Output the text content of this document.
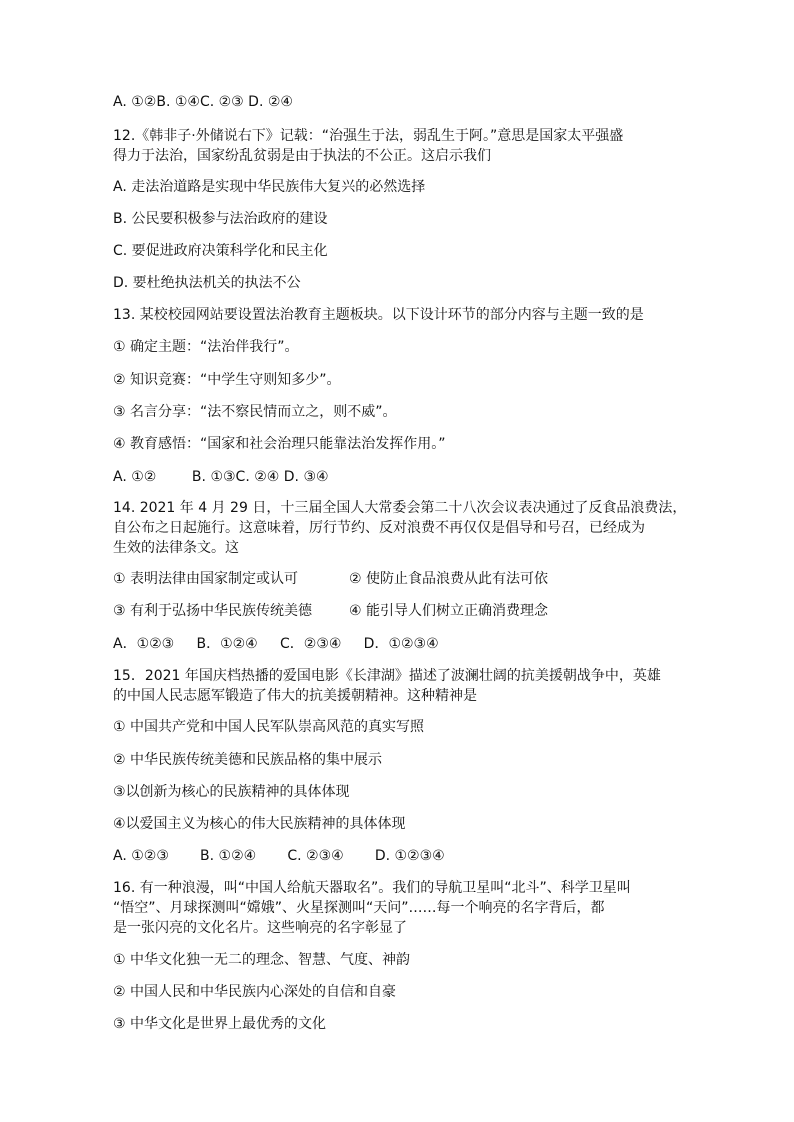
A. ①②B. ①④C. ②③ D. ②④
12.《韩非子·外储说右下》记载：“治强生于法，弱乱生于阿。”意思是国家太平强盛
得力于法治，国家纷乱贫弱是由于执法的不公正。这启示我们
A. 走法治道路是实现中华民族伟大复兴的必然选择
B. 公民要积极参与法治政府的建设
C. 要促进政府决策科学化和民主化
D. 要杜绝执法机关的执法不公
13. 某校校园网站要设置法治教育主题板块。以下设计环节的部分内容与主题一致的是
① 确定主题：“法治伴我行”。
② 知识竞赛：“中学生守则知多少”。
③ 名言分享：“法不察民情而立之，则不威”。
④ 教育感悟：“国家和社会治理只能靠法治发挥作用。”
A. ①②        B. ①③C. ②④ D. ③④
14. 2021 年 4 月 29 日，十三届全国人大常委会第二十八次会议表决通过了反食品浪费法，
自公布之日起施行。这意味着，厉行节约、反对浪费不再仅仅是倡导和号召，已经成为
生效的法律条文。这
① 表明法律由国家制定或认可	② 使防止食品浪费从此有法可依
③ 有利于弘扬中华民族传统美德	④ 能引导人们树立正确消费理念
A．①②③     B．①②④     C．②③④     D．①②③④
15．2021 年国庆档热播的爱国电影《长津湖》描述了波澜壮阔的抗美援朝战争中，英雄
的中国人民志愿军锻造了伟大的抗美援朝精神。这种精神是
① 中国共产党和中国人民军队崇高风范的真实写照
② 中华民族传统美德和民族品格的集中展示
③以创新为核心的民族精神的具体体现
④以爱国主义为核心的伟大民族精神的具体体现
A. ①②③       B. ①②④       C. ②③④       D. ①②③④
16. 有一种浪漫，叫“中国人给航天器取名”。我们的导航卫星叫“北斗”、科学卫星叫
“悟空”、月球探测叫“嫦娥”、火星探测叫“天问”……每一个响亮的名字背后，都
是一张闪亮的文化名片。这些响亮的名字彰显了
① 中华文化独一无二的理念、智慧、气度、神韵
② 中国人民和中华民族内心深处的自信和自豪
③ 中华文化是世界上最优秀的文化
